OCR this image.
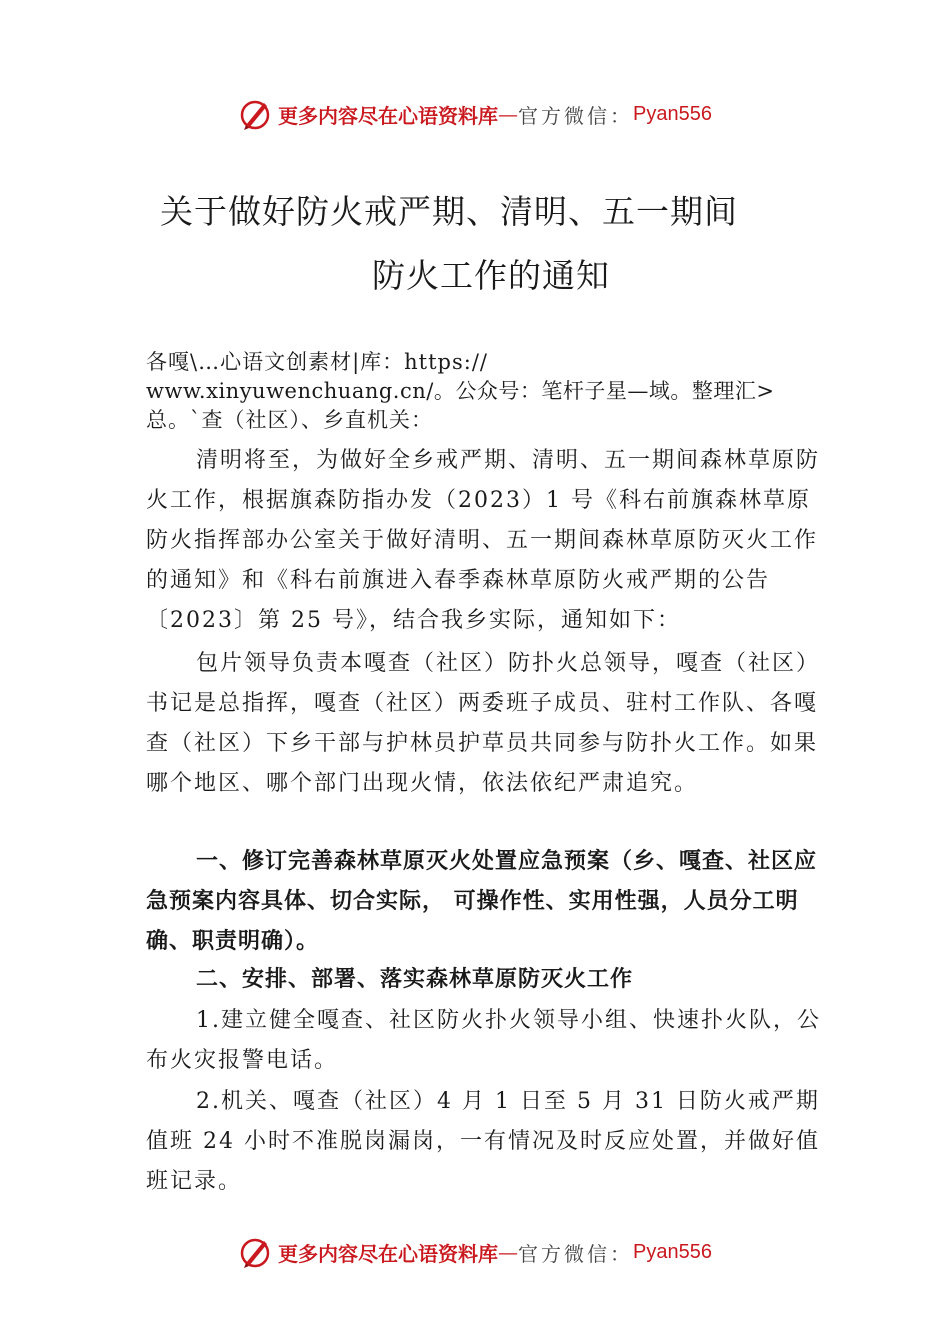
更多内容尽在心语资料库 — 官方微信： Pyan556
关于做好防火戒严期、清明、五一期间
防火工作的通知
各嘎\…心语文创素材|库：https://
www.xinyuwenchuang.cn/。公众号：笔杆子星—域。整理汇>
总。`查（社区）、乡直机关：

清明将至，为做好全乡戒严期、清明、五一期间森林草原防火工作，根据旗森防指办发（2023）1 号《科右前旗森林草原防火指挥部办公室关于做好清明、五一期间森林草原防灭火工作的通知》和《科右前旗进入春季森林草原防火戒严期的公告〔2023〕第 25 号》，结合我乡实际，通知如下：

包片领导负责本嘎查（社区）防扑火总领导，嘎查（社区）书记是总指挥，嘎查（社区）两委班子成员、驻村工作队、各嘎查（社区）下乡干部与护林员护草员共同参与防扑火工作。如果哪个地区、哪个部门出现火情，依法依纪严肃追究。

一、修订完善森林草原灭火处置应急预案（乡、嘎查、社区应急预案内容具体、切合实际， 可操作性、实用性强，人员分工明确、职责明确）。

二、安排、部署、落实森林草原防灭火工作

1.建立健全嘎查、社区防火扑火领导小组、快速扑火队，公布火灾报警电话。

2.机关、嘎查（社区）4 月 1 日至 5 月 31 日防火戒严期值班 24 小时不准脱岗漏岗，一有情况及时反应处置，并做好值班记录。

更多内容尽在心语资料库 — 官方微信： Pyan556
